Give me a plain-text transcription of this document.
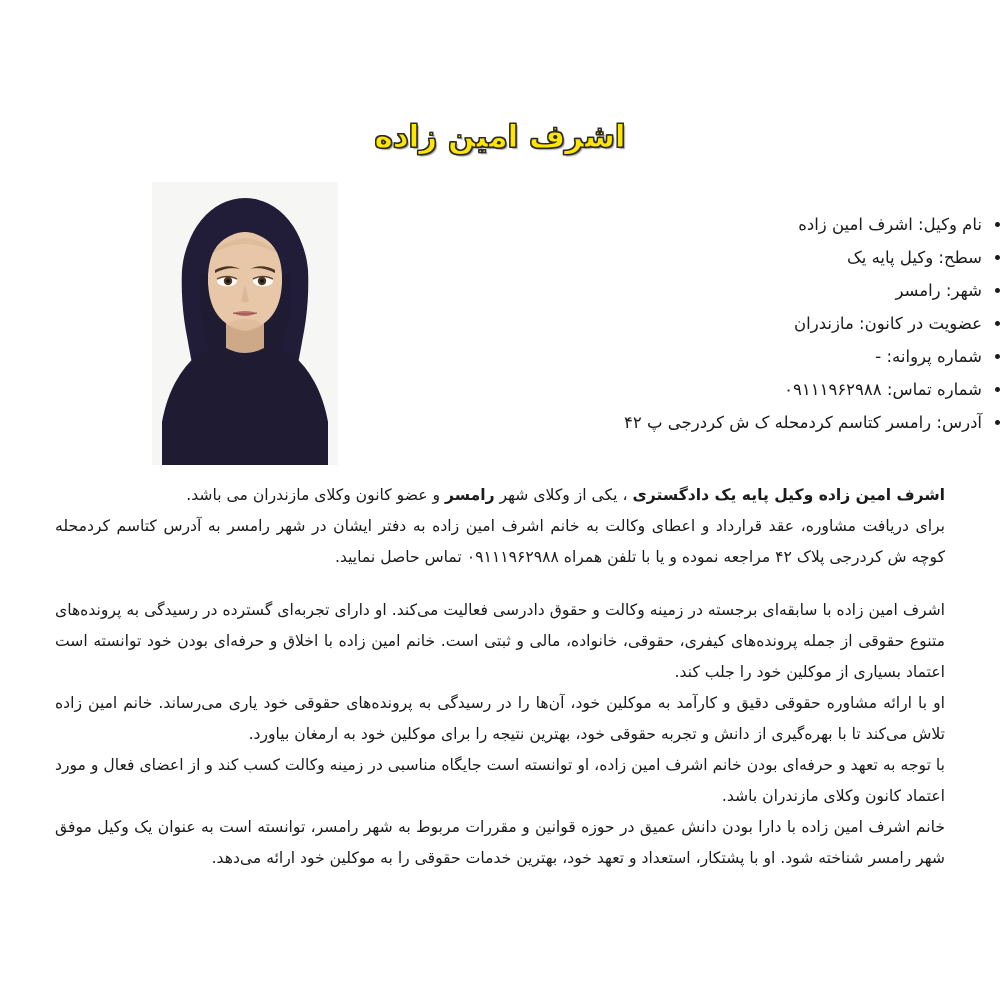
اشرف امین زاده
نام وکیل: اشرف امین زاده
سطح: وکیل پایه یک
شهر: رامسر
عضویت در کانون: مازندران
شماره پروانه: -
شماره تماس: ۰۹۱۱۱۹۶۲۹۸۸
آدرس: رامسر کتاسم کردمحله ک ش کردرجی پ ۴۲

اشرف امین زاده وکیل پایه یک دادگستری ، یکی از وکلای شهر رامسر و عضو کانون وکلای مازندران می باشد.

برای دریافت مشاوره، عقد قرارداد و اعطای وکالت به خانم اشرف امین زاده به دفتر ایشان در شهر رامسر به آدرس کتاسم کردمحله کوچه ش کردرجی پلاک ۴۲ مراجعه نموده و یا با تلفن همراه ۰۹۱۱۱۹۶۲۹۸۸ تماس حاصل نمایید.

اشرف امین زاده با سابقه‌ای برجسته در زمینه وکالت و حقوق دادرسی فعالیت می‌کند. او دارای تجربه‌ای گسترده در رسیدگی به پرونده‌های متنوع حقوقی از جمله پرونده‌های کیفری، حقوقی، خانواده، مالی و ثبتی است. خانم امین زاده با اخلاق و حرفه‌ای بودن خود توانسته است اعتماد بسیاری از موکلین خود را جلب کند.

او با ارائه مشاوره حقوقی دقیق و کارآمد به موکلین خود، آن‌ها را در رسیدگی به پرونده‌های حقوقی خود یاری می‌رساند. خانم امین زاده تلاش می‌کند تا با بهره‌گیری از دانش و تجربه حقوقی خود، بهترین نتیجه را برای موکلین خود به ارمغان بیاورد.

با توجه به تعهد و حرفه‌ای بودن خانم اشرف امین زاده، او توانسته است جایگاه مناسبی در زمینه وکالت کسب کند و از اعضای فعال و مورد اعتماد کانون وکلای مازندران باشد.

خانم اشرف امین زاده با دارا بودن دانش عمیق در حوزه قوانین و مقررات مربوط به شهر رامسر، توانسته است به عنوان یک وکیل موفق شهر رامسر شناخته شود. او با پشتکار، استعداد و تعهد خود، بهترین خدمات حقوقی را به موکلین خود ارائه می‌دهد.
